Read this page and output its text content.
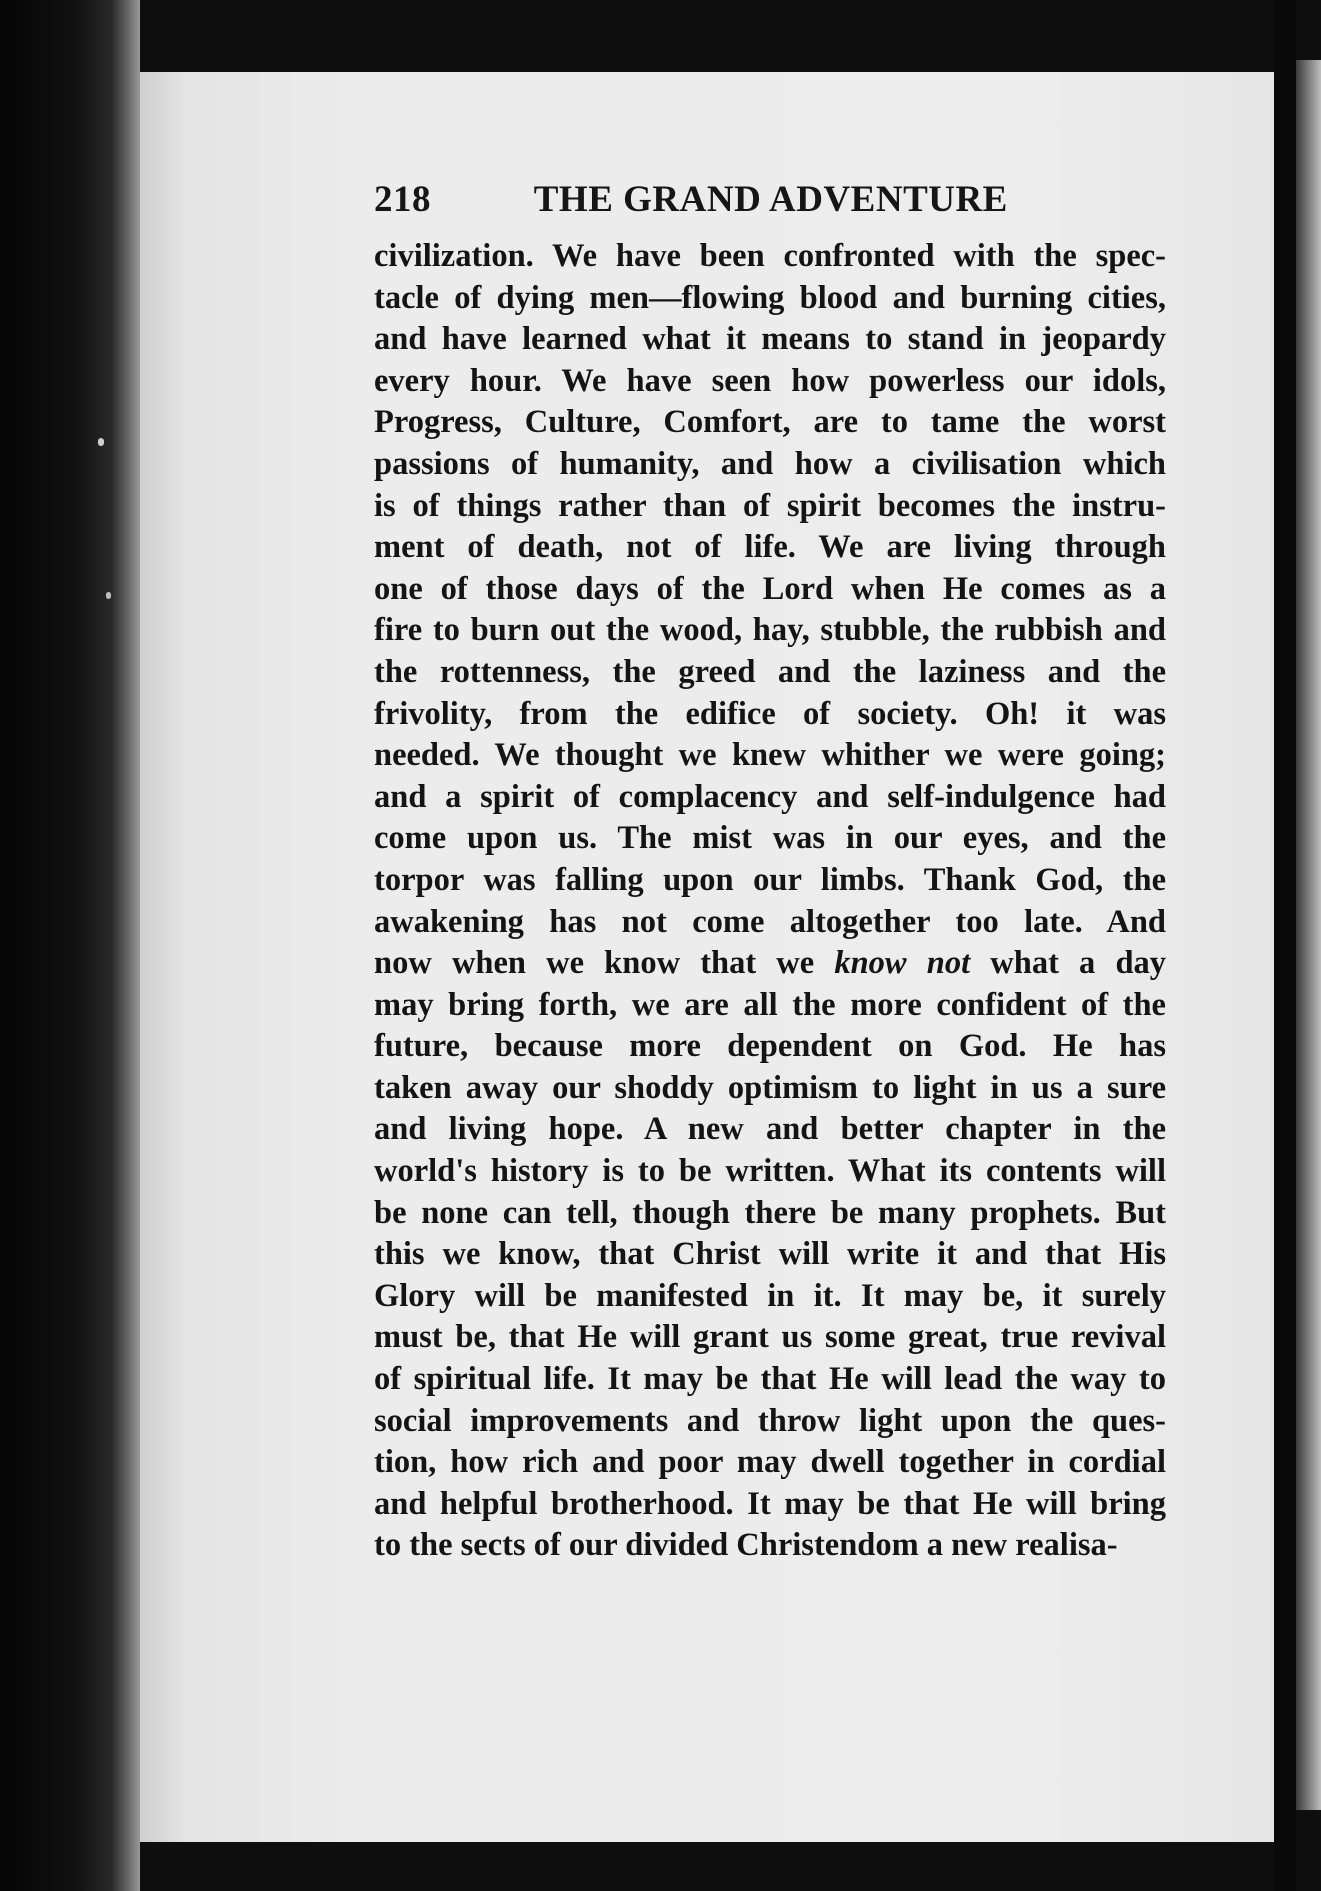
218	THE GRAND ADVENTURE
civilization. We have been confronted with the spec-
tacle of dying men—flowing blood and burning cities,
and have learned what it means to stand in jeopardy
every hour. We have seen how powerless our idols,
Progress, Culture, Comfort, are to tame the worst
passions of humanity, and how a civilisation which
is of things rather than of spirit becomes the instru-
ment of death, not of life. We are living through
one of those days of the Lord when He comes as a
fire to burn out the wood, hay, stubble, the rubbish and
the rottenness, the greed and the laziness and the
frivolity, from the edifice of society. Oh! it was
needed. We thought we knew whither we were going;
and a spirit of complacency and self-indulgence had
come upon us. The mist was in our eyes, and the
torpor was falling upon our limbs. Thank God, the
awakening has not come altogether too late. And
now when we know that we know not what a day
may bring forth, we are all the more confident of the
future, because more dependent on God. He has
taken away our shoddy optimism to light in us a sure
and living hope. A new and better chapter in the
world's history is to be written. What its contents will
be none can tell, though there be many prophets. But
this we know, that Christ will write it and that His
Glory will be manifested in it. It may be, it surely
must be, that He will grant us some great, true revival
of spiritual life. It may be that He will lead the way to
social improvements and throw light upon the ques-
tion, how rich and poor may dwell together in cordial
and helpful brotherhood. It may be that He will bring
to the sects of our divided Christendom a new realisa-
